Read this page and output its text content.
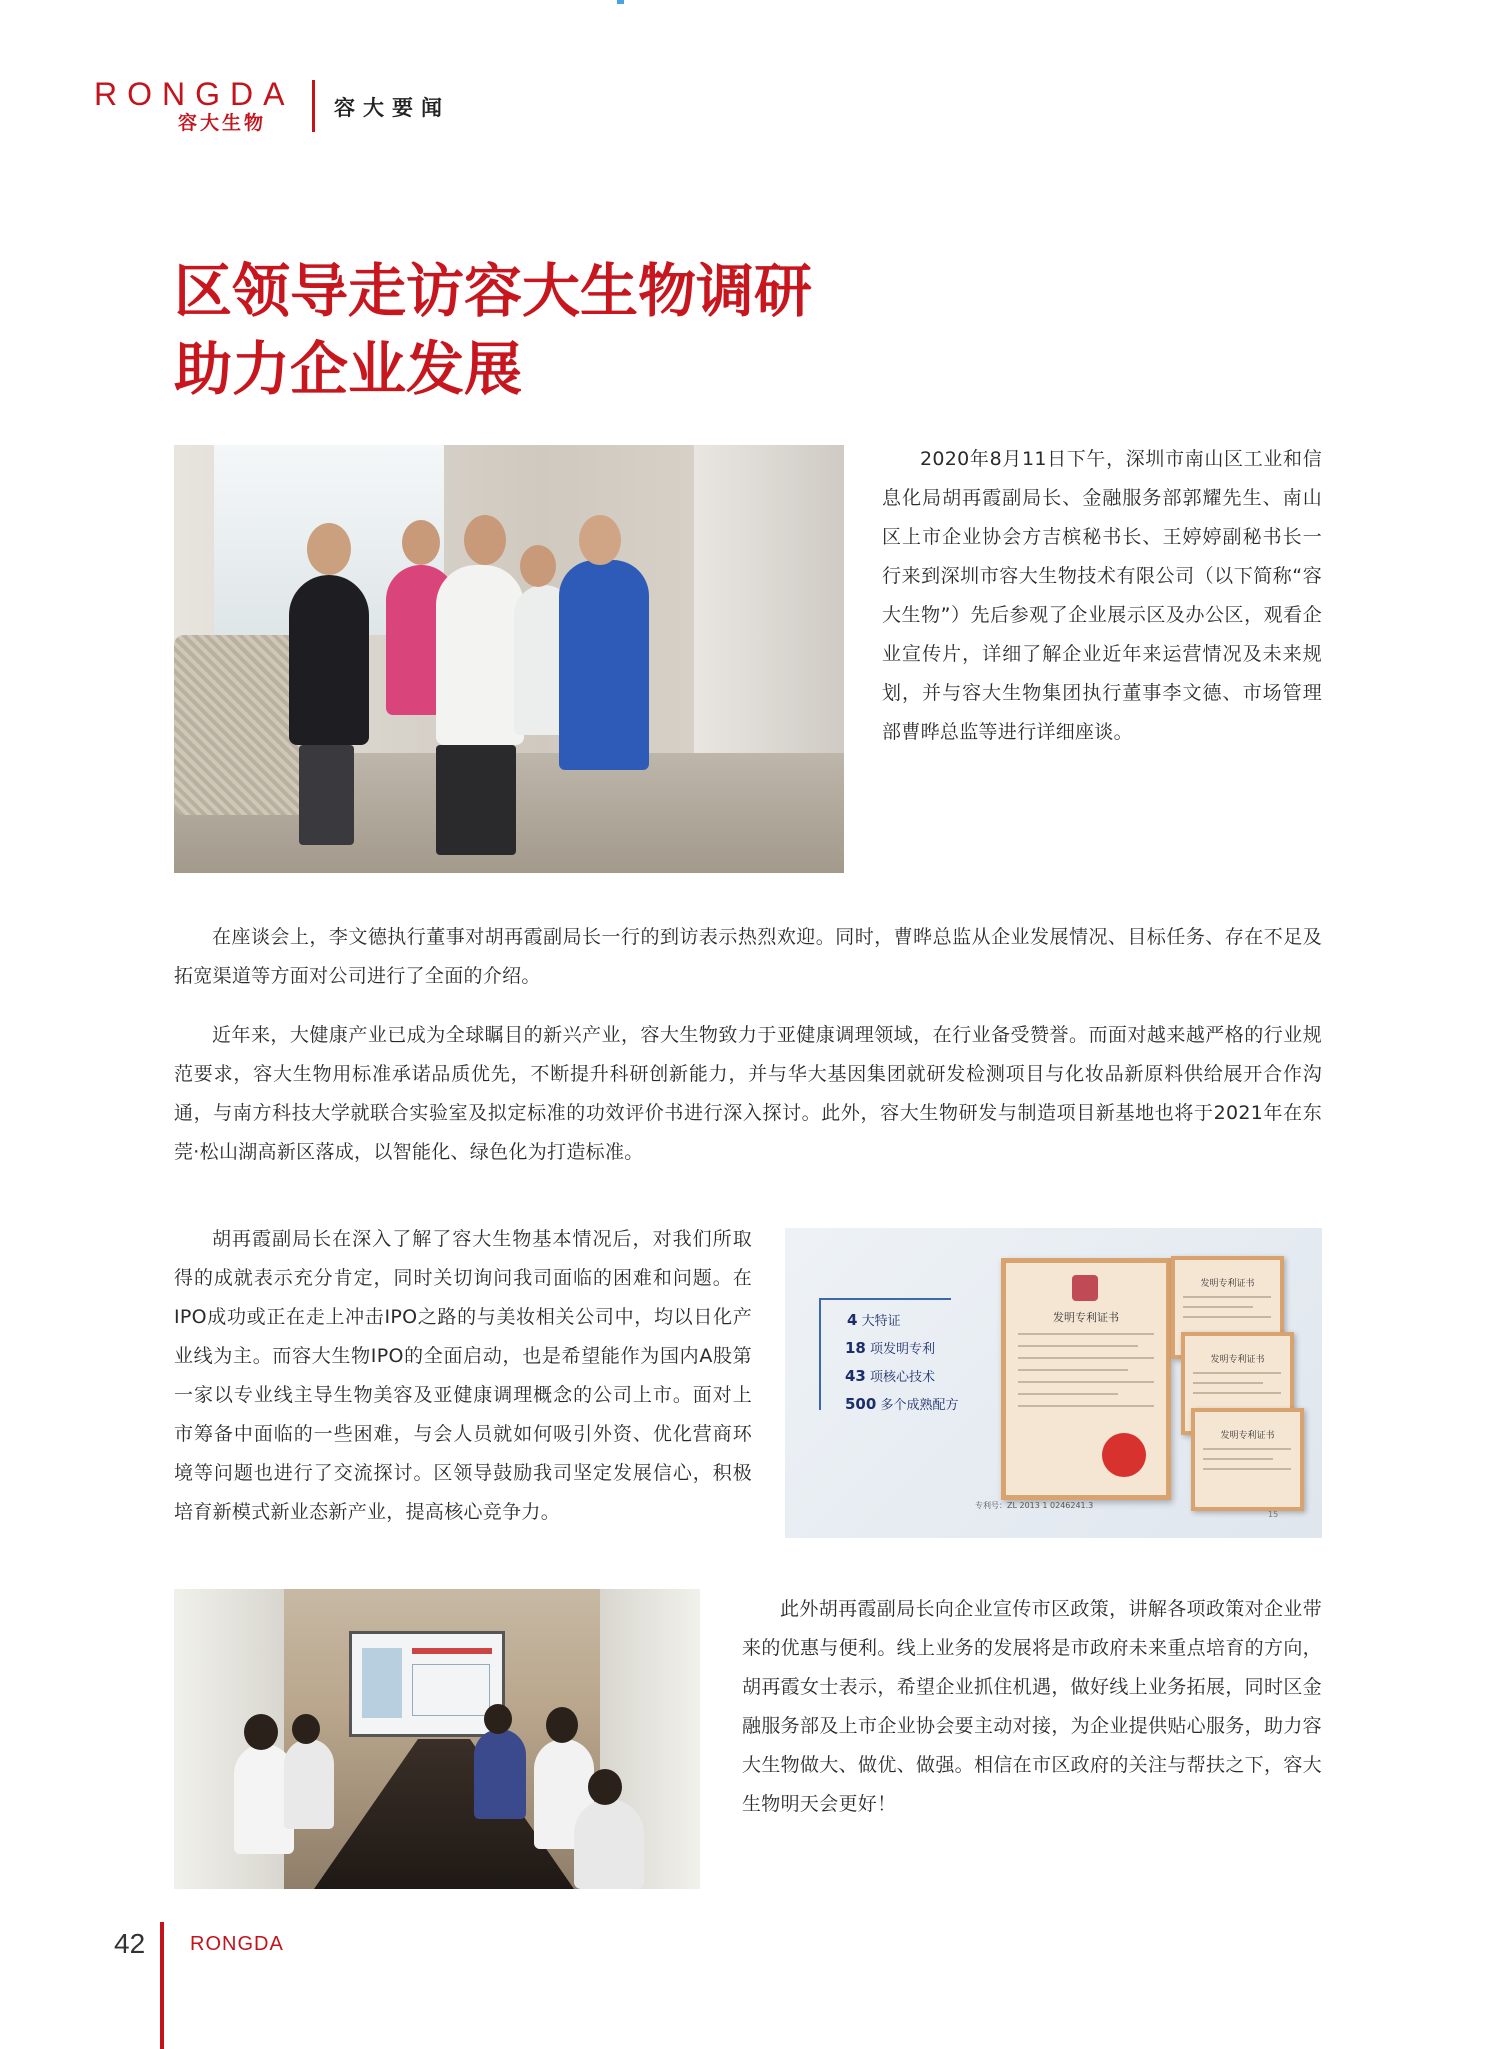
RONGDA
容大生物
容大要闻
区领导走访容大生物调研
助力企业发展
2020年8月11日下午，深圳市南山区工业和信息化局胡再霞副局长、金融服务部郭耀先生、南山区上市企业协会方吉槟秘书长、王婷婷副秘书长一行来到深圳市容大生物技术有限公司（以下简称“容大生物”）先后参观了企业展示区及办公区，观看企业宣传片，详细了解企业近年来运营情况及未来规划，并与容大生物集团执行董事李文德、市场管理部曹晔总监等进行详细座谈。
在座谈会上，李文德执行董事对胡再霞副局长一行的到访表示热烈欢迎。同时，曹晔总监从企业发展情况、目标任务、存在不足及拓宽渠道等方面对公司进行了全面的介绍。
近年来，大健康产业已成为全球瞩目的新兴产业，容大生物致力于亚健康调理领域，在行业备受赞誉。而面对越来越严格的行业规范要求，容大生物用标准承诺品质优先，不断提升科研创新能力，并与华大基因集团就研发检测项目与化妆品新原料供给展开合作沟通，与南方科技大学就联合实验室及拟定标准的功效评价书进行深入探讨。此外，容大生物研发与制造项目新基地也将于2021年在东莞·松山湖高新区落成，以智能化、绿色化为打造标准。
胡再霞副局长在深入了解了容大生物基本情况后，对我们所取得的成就表示充分肯定，同时关切询问我司面临的困难和问题。在IPO成功或正在走上冲击IPO之路的与美妆相关公司中，均以日化产业线为主。而容大生物IPO的全面启动，也是希望能作为国内A股第一家以专业线主导生物美容及亚健康调理概念的公司上市。面对上市筹备中面临的一些困难，与会人员就如何吸引外资、优化营商环境等问题也进行了交流探讨。区领导鼓励我司坚定发展信心，积极培育新模式新业态新产业，提高核心竞争力。
4 大特证
18 项发明专利
43 项核心技术
500 多个成熟配方
发明专利证书
发明专利证书
发明专利证书
发明专利证书
专利号：ZL 2013 1 0246241.3
15
此外胡再霞副局长向企业宣传市区政策，讲解各项政策对企业带来的优惠与便利。线上业务的发展将是市政府未来重点培育的方向，胡再霞女士表示，希望企业抓住机遇，做好线上业务拓展，同时区金融服务部及上市企业协会要主动对接，为企业提供贴心服务，助力容大生物做大、做优、做强。相信在市区政府的关注与帮扶之下，容大生物明天会更好！
42 RONGDA
